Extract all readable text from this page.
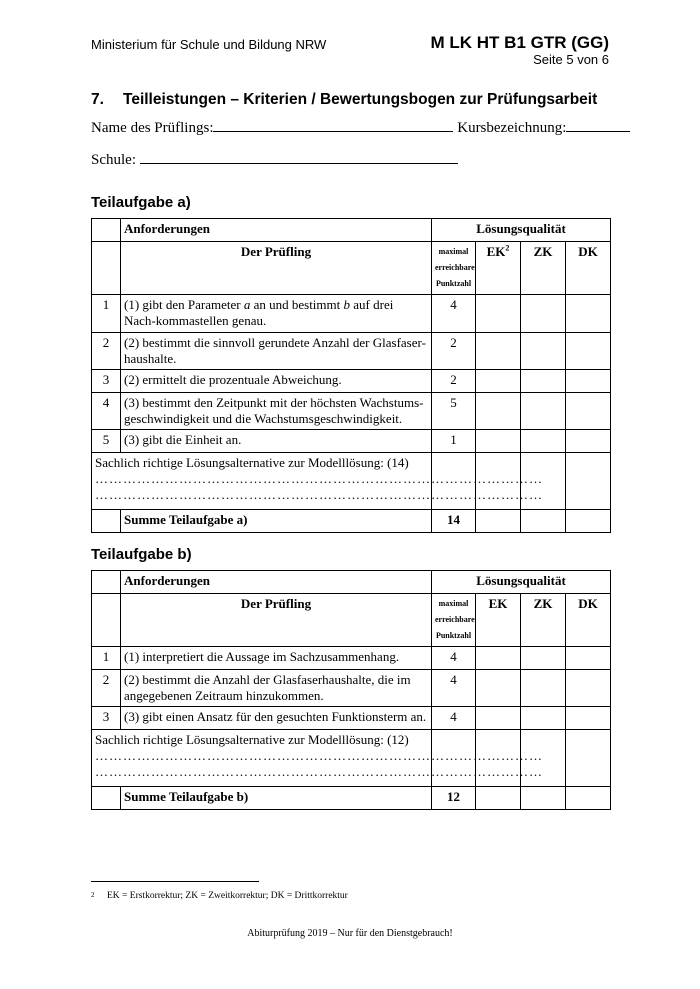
Ministerium für Schule und Bildung NRW	M LK HT B1 GTR (GG)
Seite 5 von 6
7. Teilleistungen – Kriterien / Bewertungsbogen zur Prüfungsarbeit
Name des Prüflings:	Kursbezeichnung:
Schule:
Teilaufgabe a)
	Anforderungen	Lösungsqualität			
	Der Prüfling	maximal erreichbare Punktzahl	$EK^2$	ZK	DK
1	(1) gibt den Parameter a an und bestimmt b auf drei Nach-kommastellen genau.	4			
2	(2) bestimmt die sinnvoll gerundete Anzahl der Glasfaser-haushalte.	2			
3	(2) ermittelt die prozentuale Abweichung.	2			
4	(3) bestimmt den Zeitpunkt mit der höchsten Wachstums-geschwindigkeit und die Wachstumsgeschwindigkeit.	5			
5	(3) gibt die Einheit an.	1			
Sachlich richtige Lösungsalternative zur Modelllösung: (14)
……………………………………………………………………………………
……………………………………………………………………………………					

	Summe Teilaufgabe a)	14			
Teilaufgabe b)
	Anforderungen	Lösungsqualität			
	Der Prüfling	maximal erreichbare Punktzahl	EK	ZK	DK
1	(1) interpretiert die Aussage im Sachzusammenhang.	4			
2	(2) bestimmt die Anzahl der Glasfaserhaushalte, die im angegebenen Zeitraum hinzukommen.	4			
3	(3) gibt einen Ansatz für den gesuchten Funktionsterm an.	4			
Sachlich richtige Lösungsalternative zur Modelllösung: (12)
……………………………………………………………………………………
……………………………………………………………………………………					

	Summe Teilaufgabe b)	12			
2 EK = Erstkorrektur; ZK = Zweitkorrektur; DK = Drittkorrektur
Abiturprüfung 2019 – Nur für den Dienstgebrauch!
